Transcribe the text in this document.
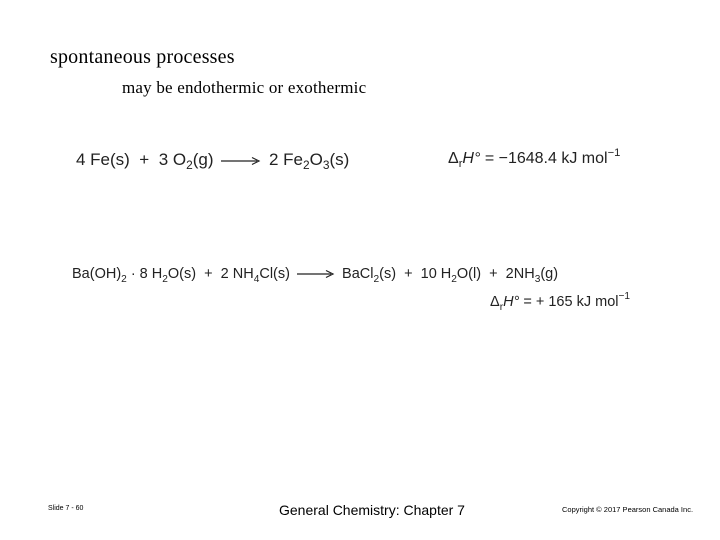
spontaneous processes
may be endothermic or exothermic
4 Fe(s) + 3 $O_2(g) \to 2$ $Fe_2O_3(s)$	$\Delta_rH^\circ = -1648.4$ kJ mol$^{-1}$
$Ba(OH)_2 \cdot 8$ $H_2O(s) + 2$ $NH_4Cl(s)$ → BaCl$_2$(s) + 10 $H_2O(l) + 2NH_3(g)$
$\Delta_rH^\circ$ = + 165 kJ mol$^{-1}$
Slide 7 - 60	General Chemistry: Chapter 7	Copyright © 2017 Pearson Canada Inc.
